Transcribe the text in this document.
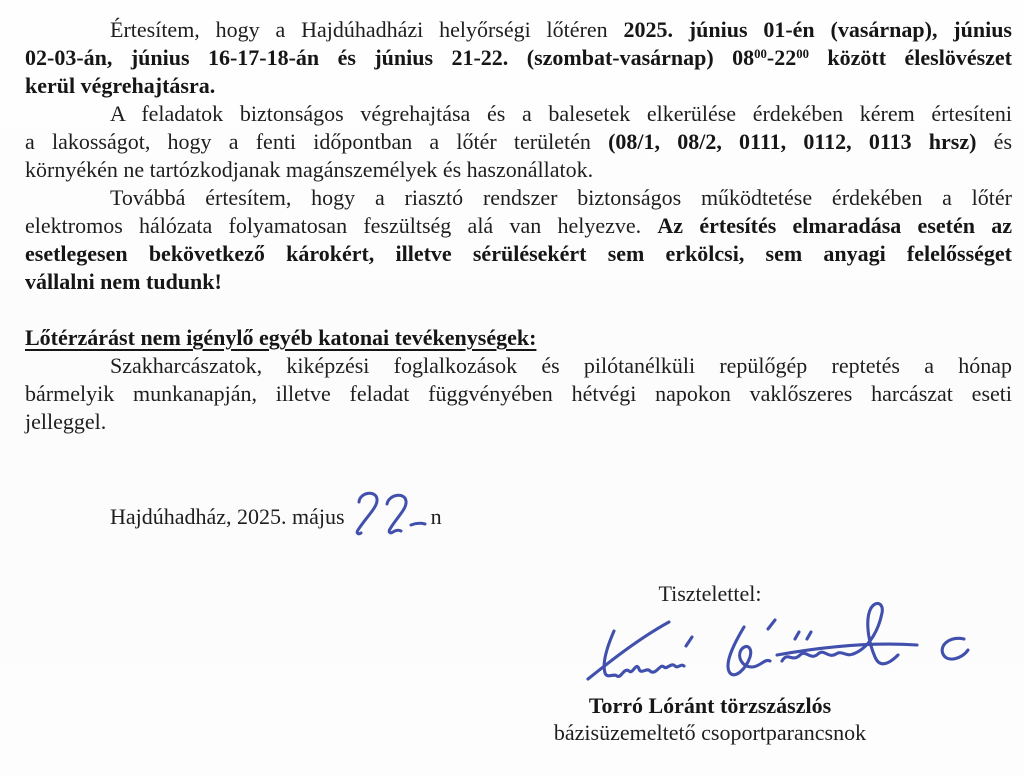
Értesítem, hogy a Hajdúhadházi helyőrségi lőtéren 2025. június 01-én (vasárnap), június
02-03-án, június 16-17-18-án és június 21-22. (szombat-vasárnap) $08^{00}-22^{00}$ között éleslövészet
kerül végrehajtásra.
A feladatok biztonságos végrehajtása és a balesetek elkerülése érdekében kérem értesíteni
a lakosságot, hogy a fenti időpontban a lőtér területén (08/1, 08/2, 0111, 0112, 0113 hrsz) és
környékén ne tartózkodjanak magánszemélyek és haszonállatok.
Továbbá értesítem, hogy a riasztó rendszer biztonságos működtetése érdekében a lőtér
elektromos hálózata folyamatosan feszültség alá van helyezve. Az értesítés elmaradása esetén az
esetlegesen bekövetkező károkért, illetve sérülésekért sem erkölcsi, sem anyagi felelősséget
vállalni nem tudunk!
Lőtérzárást nem igénylő egyéb katonai tevékenységek:
Szakharcászatok, kiképzési foglalkozások és pilótanélküli repülőgép reptetés a hónap
bármelyik munkanapján, illetve feladat függvényében hétvégi napokon vaklőszeres harcászat eseti
jelleggel.
Hajdúhadház, 2025. május	n
Tisztelettel:
Torró Lóránt törzszászlós
bázisüzemeltető csoportparancsnok
